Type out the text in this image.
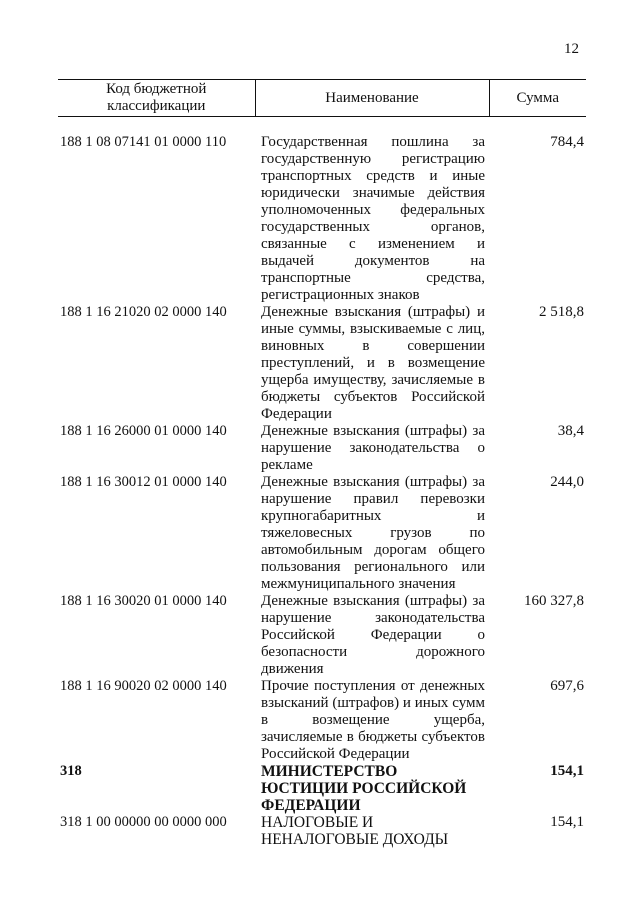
12
Код бюджетной классификации	Наименование	Сумма

188 1 08 07141 01 0000 110	Государственная пошлина за государственную регистрацию транспортных средств и иные юридически значимые действия уполномоченных федеральных государственных органов, связанные с изменением и выдачей документов на транспортные средства, регистрационных знаков	784,4
188 1 16 21020 02 0000 140	Денежные взыскания (штрафы) и иные суммы, взыскиваемые с лиц, виновных в совершении преступлений, и в возмещение ущерба имуществу, зачисляемые в бюджеты субъектов Российской Федерации	2 518,8
188 1 16 26000 01 0000 140	Денежные взыскания (штрафы) за нарушение законодательства о рекламе	38,4
188 1 16 30012 01 0000 140	Денежные взыскания (штрафы) за нарушение правил перевозки крупногабаритных и тяжеловесных грузов по автомобильным дорогам общего пользования регионального или межмуниципального значения	244,0
188 1 16 30020 01 0000 140	Денежные взыскания (штрафы) за нарушение законодательства Российской Федерации о безопасности дорожного движения	160 327,8
188 1 16 90020 02 0000 140	Прочие поступления от денежных взысканий (штрафов) и иных сумм в возмещение ущерба, зачисляемые в бюджеты субъектов Российской Федерации	697,6
318	МИНИСТЕРСТВО ЮСТИЦИИ РОССИЙСКОЙ ФЕДЕРАЦИИ	154,1
318 1 00 00000 00 0000 000	НАЛОГОВЫЕ И НЕНАЛОГОВЫЕ ДОХОДЫ	154,1
